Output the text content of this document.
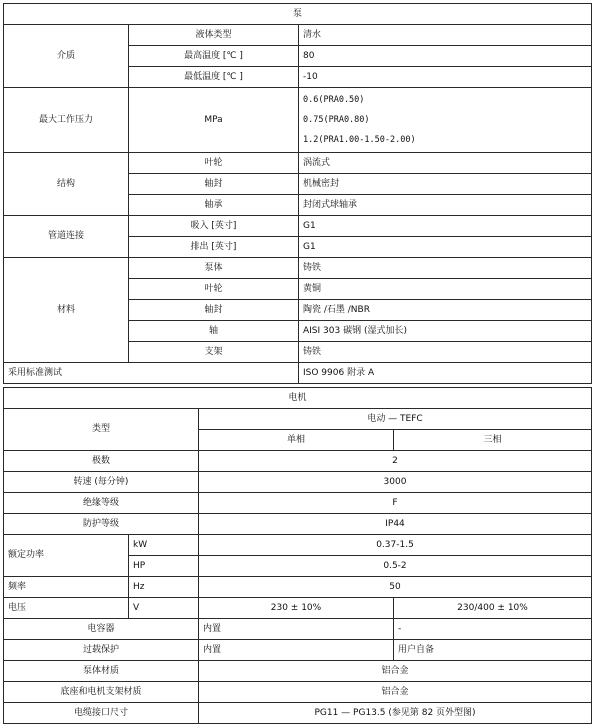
泵		
介质	液体类型	清水
	最高温度 [℃ ]	80
	最低温度 [℃ ]	-10
最大工作压力	MPa	0.6(PRA0.50)
0.75(PRA0.80)
1.2(PRA1.00-1.50-2.00)

结构	叶轮	涡流式
	轴封	机械密封
	轴承	封闭式球轴承
管道连接	吸入 [英寸]	G1
	排出 [英寸]	G1
材料	泵体	铸铁
	叶轮	黄铜
	轴封	陶瓷 /石墨 /NBR
	轴	AISI 303 碳钢 (湿式加长)
	支架	铸铁
采用标准测试		ISO 9906 附录 A
电机			
类型		电动 — TEFC	
		单相	三相
极数		2	
转速 (每分钟)		3000	
绝缘等级		F	
防护等级		IP44	
额定功率	kW	0.37-1.5	
	HP	0.5-2	
频率	Hz	50	
电压	V	230 ± 10%	230/400 ± 10%
电容器		内置	-
过载保护		内置	用户自备
泵体材质		铝合金	
底座和电机支架材质		铝合金	
电缆接口尺寸		PG11 — PG13.5 (参见第 82 页外型图)	
